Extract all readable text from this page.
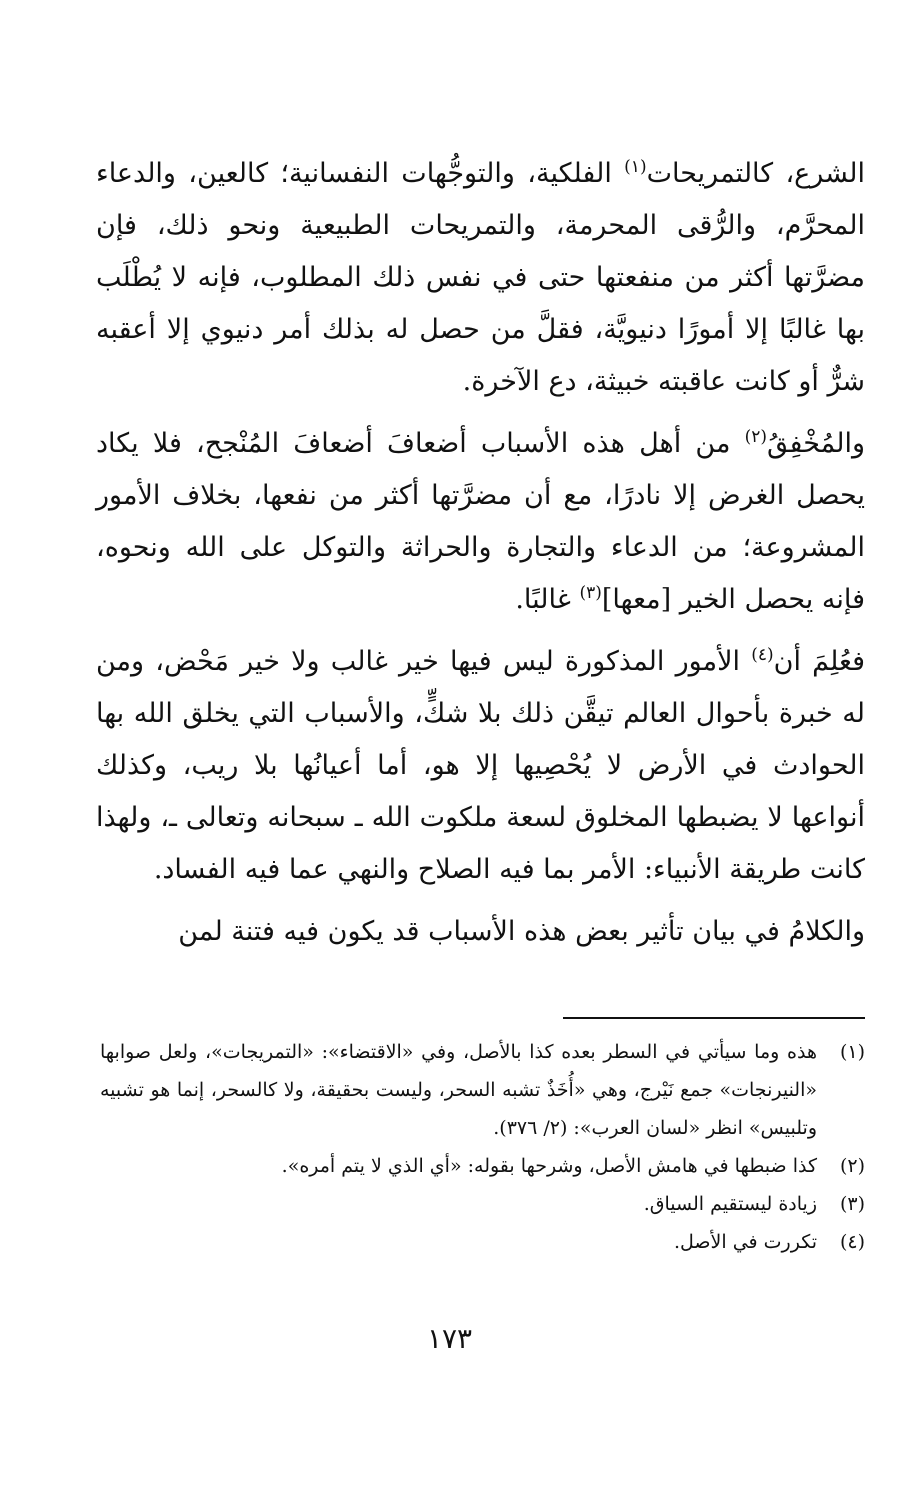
الشرع، كالتمريحات$^{(١)}$ الفلكية، والتوجُّهات النفسانية؛ كالعين، والدعاء المحرَّم، والرُّقى المحرمة، والتمريحات الطبيعية ونحو ذلك، فإن مضرَّتها أكثر من منفعتها حتى في نفس ذلك المطلوب، فإنه لا يُطْلَب بها غالبًا إلا أمورًا دنيويَّة، فقلَّ من حصل له بذلك أمر دنيوي إلا أعقبه شرٌّ أو كانت عاقبته خبيثة، دع الآخرة.

والمُخْفِقُ$^{(٢)}$ من أهل هذه الأسباب أضعافَ أضعافَ المُنْجح، فلا يكاد يحصل الغرض إلا نادرًا، مع أن مضرَّتها أكثر من نفعها، بخلاف الأمور المشروعة؛ من الدعاء والتجارة والحراثة والتوكل على الله ونحوه، فإنه يحصل الخير [معها]$^{(٣)}$ غالبًا.

فعُلِمَ أن$^{(٤)}$ الأمور المذكورة ليس فيها خير غالب ولا خير مَحْض، ومن له خبرة بأحوال العالم تيقَّن ذلك بلا شكٍّ، والأسباب التي يخلق الله بها الحوادث في الأرض لا يُحْصِيها إلا هو، أما أعيانُها بلا ريب، وكذلك أنواعها لا يضبطها المخلوق لسعة ملكوت الله ـ سبحانه وتعالى ـ، ولهذا كانت طريقة الأنبياء: الأمر بما فيه الصلاح والنهي عما فيه الفساد.

والكلامُ في بيان تأثير بعض هذه الأسباب قد يكون فيه فتنة لمن

(١)
هذه وما سيأتي في السطر بعده كذا بالأصل، وفي «الاقتضاء»: «التمريجات»، ولعل صوابها «النيرنجات» جمع نَيْرج، وهي «أُخَذٌ تشبه السحر، وليست بحقيقة، ولا كالسحر، إنما هو تشبيه وتلبيس» انظر «لسان العرب»: (٢/ ٣٧٦).
(٢)
كذا ضبطها في هامش الأصل، وشرحها بقوله: «أي الذي لا يتم أمره».
(٣)
زيادة ليستقيم السياق.
(٤)
تكررت في الأصل.
١٧٣
